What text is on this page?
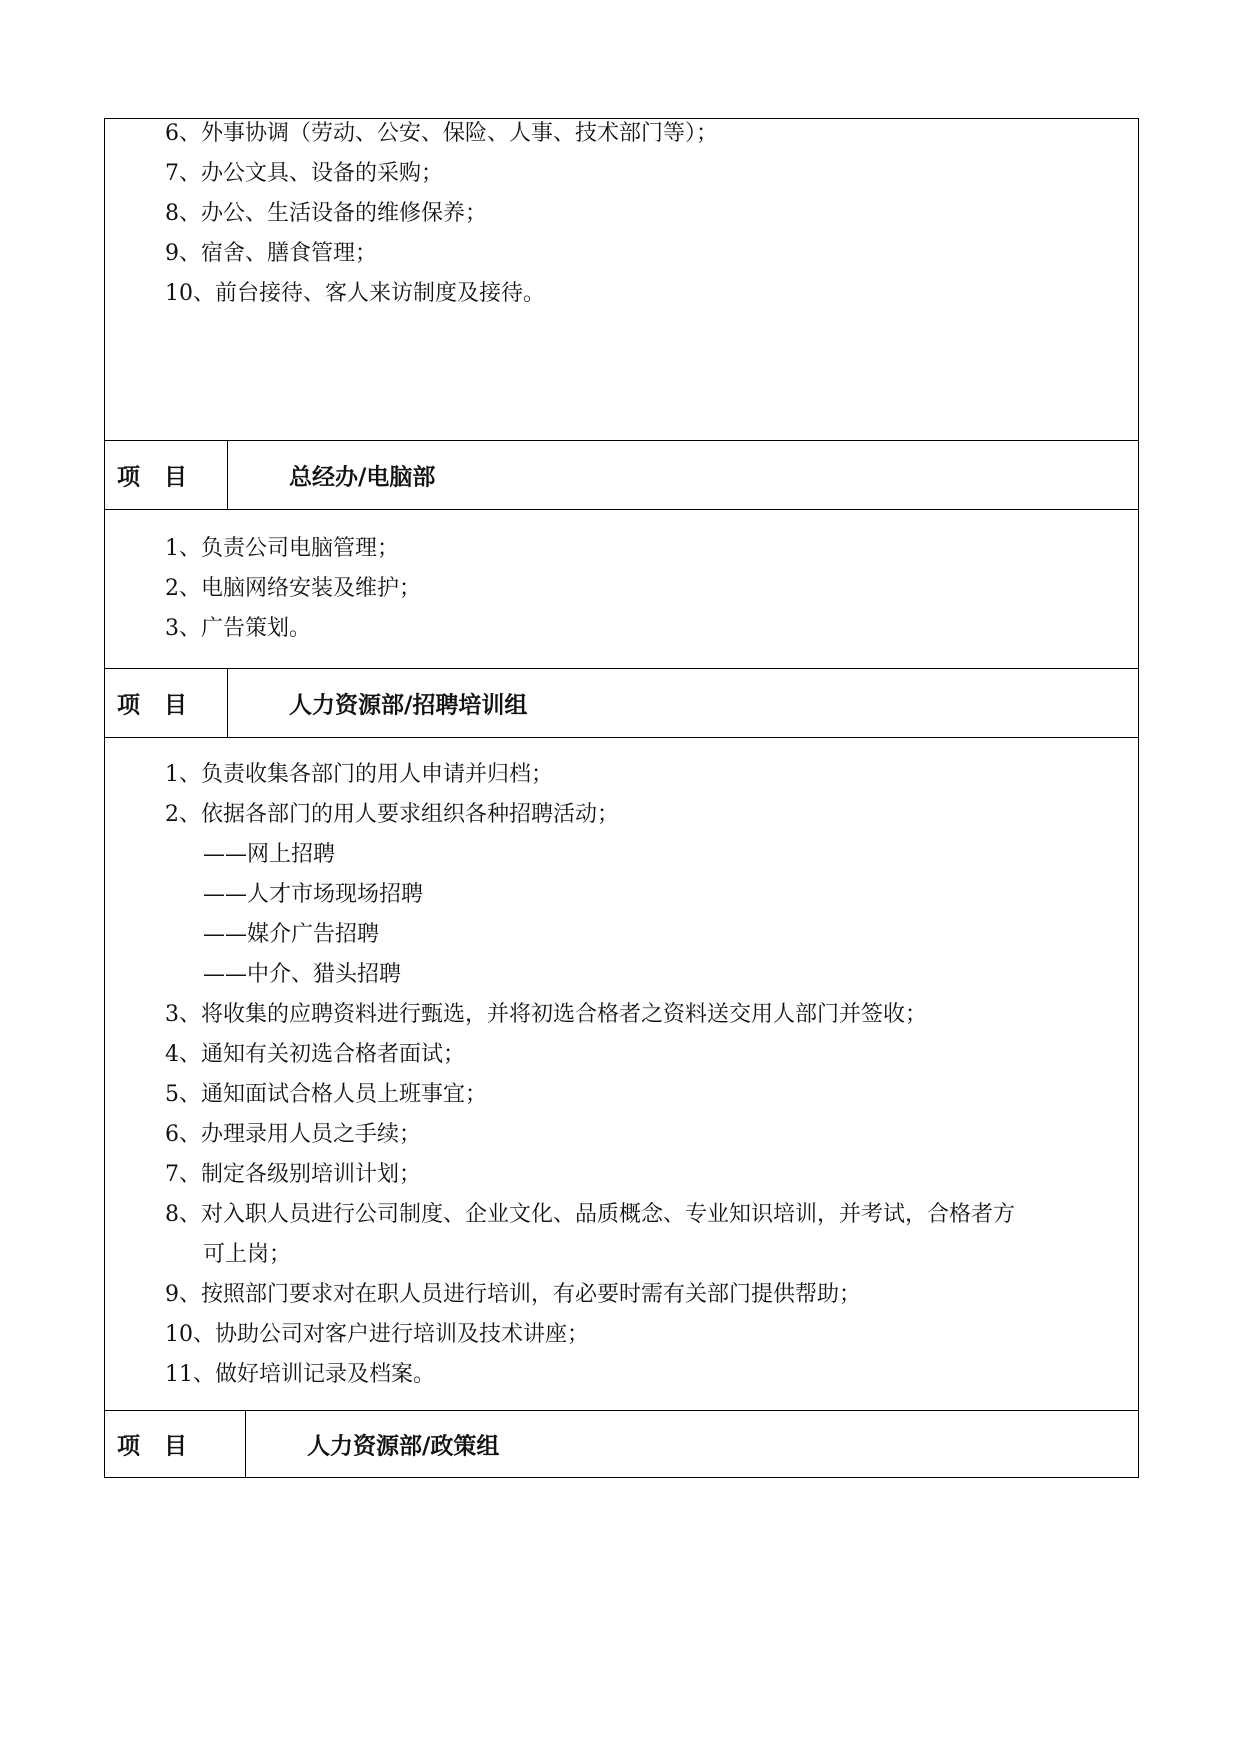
6、外事协调（劳动、公安、保险、人事、技术部门等）；
7、办公文具、设备的采购；
8、办公、生活设备的维修保养；
9、宿舍、膳食管理；
10、前台接待、客人来访制度及接待。
项 目	总经办/电脑部
1、负责公司电脑管理；
2、电脑网络安装及维护；
3、广告策划。
项 目	人力资源部/招聘培训组
1、负责收集各部门的用人申请并归档；
2、依据各部门的用人要求组织各种招聘活动；
——网上招聘
——人才市场现场招聘
——媒介广告招聘
——中介、猎头招聘
3、将收集的应聘资料进行甄选，并将初选合格者之资料送交用人部门并签收；
4、通知有关初选合格者面试；
5、通知面试合格人员上班事宜；
6、办理录用人员之手续；
7、制定各级别培训计划；
8、对入职人员进行公司制度、企业文化、品质概念、专业知识培训，并考试，合格者方
可上岗；
9、按照部门要求对在职人员进行培训，有必要时需有关部门提供帮助；
10、协助公司对客户进行培训及技术讲座；
11、做好培训记录及档案。
项 目	人力资源部/政策组
